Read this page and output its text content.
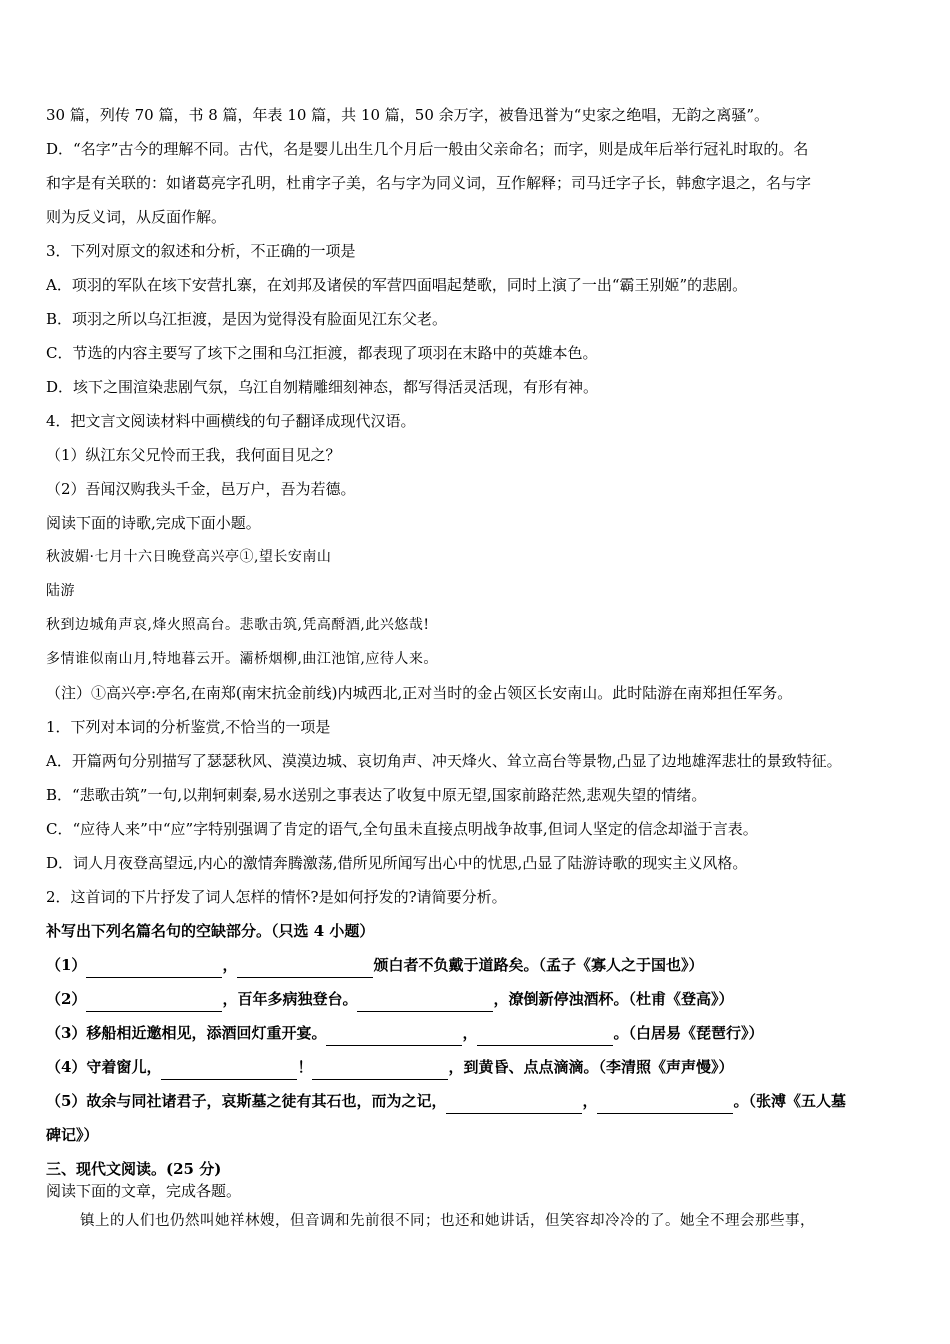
30 篇，列传 70 篇，书 8 篇，年表 10 篇，共 10 篇，50 余万字，被鲁迅誉为“史家之绝唱，无韵之离骚”。
D．“名字”古今的理解不同。古代，名是婴儿出生几个月后一般由父亲命名；而字，则是成年后举行冠礼时取的。名
和字是有关联的：如诸葛亮字孔明，杜甫字子美，名与字为同义词，互作解释；司马迁字子长，韩愈字退之，名与字
则为反义词，从反面作解。
3．下列对原文的叙述和分析，不正确的一项是
A．项羽的军队在垓下安营扎寨，在刘邦及诸侯的军营四面唱起楚歌，同时上演了一出“霸王别姬”的悲剧。
B．项羽之所以乌江拒渡，是因为觉得没有脸面见江东父老。
C．节选的内容主要写了垓下之围和乌江拒渡，都表现了项羽在末路中的英雄本色。
D．垓下之围渲染悲剧气氛，乌江自刎精雕细刻神态，都写得活灵活现，有形有神。
4．把文言文阅读材料中画横线的句子翻译成现代汉语。
（1）纵江东父兄怜而王我，我何面目见之？
（2）吾闻汉购我头千金，邑万户，吾为若德。
阅读下面的诗歌,完成下面小题。
秋波媚·七月十六日晚登高兴亭①,望长安南山
陆游
秋到边城角声哀,烽火照高台。悲歌击筑,凭高酹酒,此兴悠哉!
多情谁似南山月,特地暮云开。灞桥烟柳,曲江池馆,应待人来。
（注）①高兴亭:亭名,在南郑(南宋抗金前线)内城西北,正对当时的金占领区长安南山。此时陆游在南郑担任军务。
1．下列对本词的分析鉴赏,不恰当的一项是
A．开篇两句分别描写了瑟瑟秋风、漠漠边城、哀切角声、冲天烽火、耸立高台等景物,凸显了边地雄浑悲壮的景致特征。
B．“悲歌击筑”一句,以荆轲刺秦,易水送别之事表达了收复中原无望,国家前路茫然,悲观失望的情绪。
C．“应待人来”中“应”字特别强调了肯定的语气,全句虽未直接点明战争故事,但词人坚定的信念却溢于言表。
D．词人月夜登高望远,内心的激情奔腾激荡,借所见所闻写出心中的忧思,凸显了陆游诗歌的现实主义风格。
2．这首词的下片抒发了词人怎样的情怀?是如何抒发的?请简要分析。
补写出下列名篇名句的空缺部分。（只选 4 小题）
（1）	，	颁白者不负戴于道路矣。（孟子《寡人之于国也》）
（2）	，百年多病独登台。	，潦倒新停浊酒杯。（杜甫《登高》）
（3）移船相近邀相见，添酒回灯重开宴。	，	。（白居易《琵琶行》）
（4）守着窗儿，	！	，到黄昏、点点滴滴。（李清照《声声慢》）
（5）故余与同社诸君子，哀斯墓之徒有其石也，而为之记，	，	。（张溥《五人墓
碑记》）
三、现代文阅读。(25 分)
阅读下面的文章，完成各题。
镇上的人们也仍然叫她祥林嫂，但音调和先前很不同；也还和她讲话，但笑容却冷冷的了。她全不理会那些事，
